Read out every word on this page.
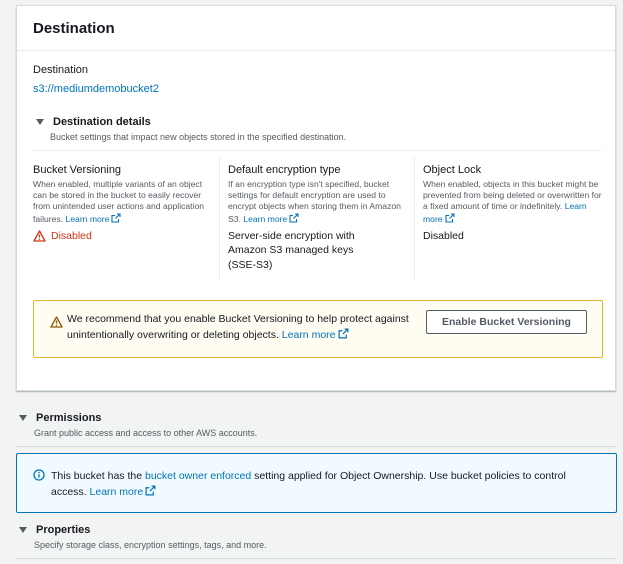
Destination
Destination
s3://mediumdemobucket2
Destination details
Bucket settings that impact new objects stored in the specified destination.
Bucket Versioning
When enabled, multiple variants of an object can be stored in the bucket to easily recover from unintended user actions and application failures. Learn more
Disabled
Default encryption type
If an encryption type isn't specified, bucket settings for default encryption are used to encrypt objects when storing them in Amazon S3. Learn more
Server-side encryption with Amazon S3 managed keys (SSE-S3)
Object Lock
When enabled, objects in this bucket might be prevented from being deleted or overwritten for a fixed amount of time or indefinitely. Learn more
Disabled
We recommend that you enable Bucket Versioning to help protect against unintentionally overwriting or deleting objects. Learn more
Enable Bucket Versioning
Permissions
Grant public access and access to other AWS accounts.
This bucket has the bucket owner enforced setting applied for Object Ownership. Use bucket policies to control access. Learn more
Properties
Specify storage class, encryption settings, tags, and more.
